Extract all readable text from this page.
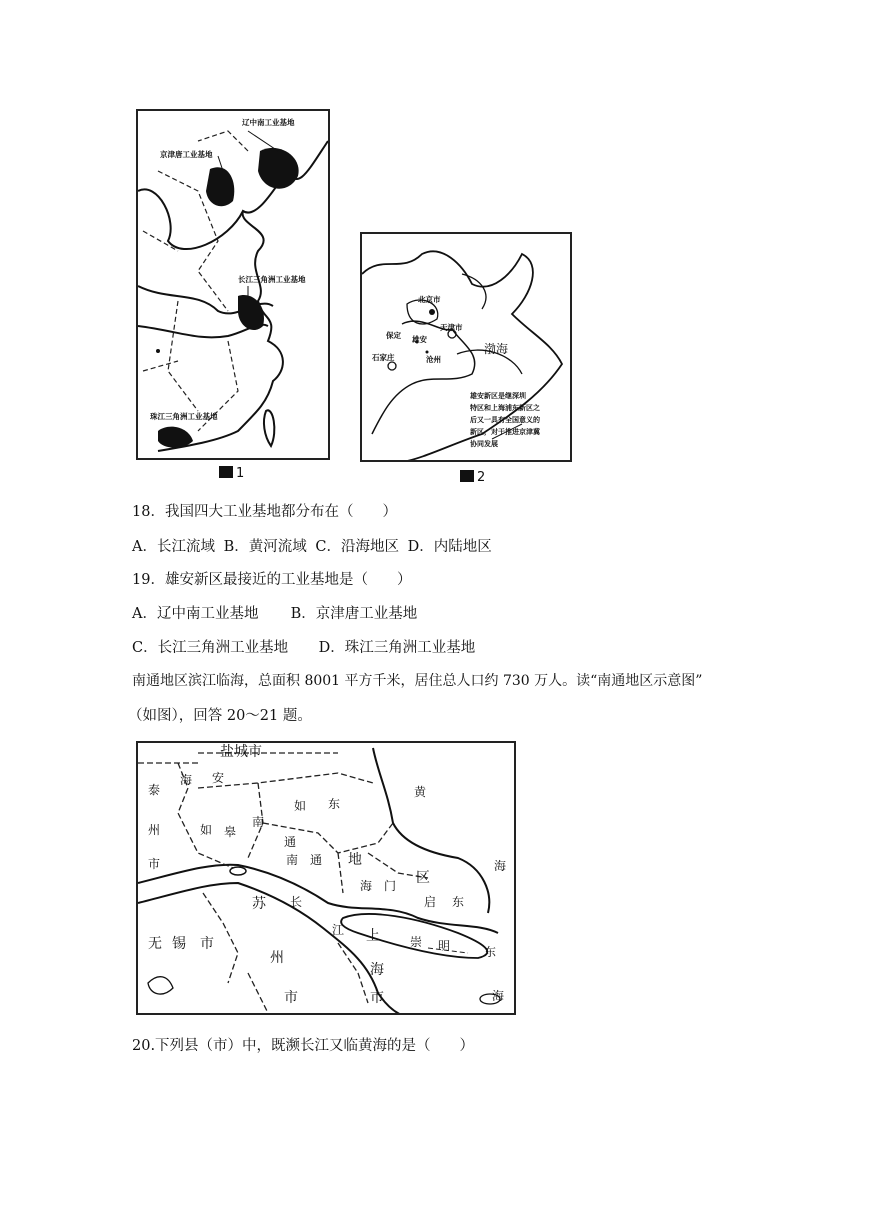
辽中南工业基地
京津唐工业基地
长江三角洲工业基地
珠江三角洲工业基地
1
北京市
天津市
保定 雄安
石家庄	沧州
渤海
雄安新区是继深圳
特区和上海浦东新区之
后又一具有全国意义的
新区，对于推进京津冀
协同发展
2
18．我国四大工业基地都分布在（　　）
A．长江流域 B．黄河流域 C．沿海地区 D．内陆地区
19．雄安新区最接近的工业基地是（　　）
A．辽中南工业基地 B．京津唐工业基地
C．长江三角洲工业基地 D．珠江三角洲工业基地
南通地区滨江临海，总面积 8001 平方千米，居住总人口约 730 万人。读“南通地区示意图”
（如图），回答 20～21 题。
盐城市
泰
州
市
海 安
如 东
如 皋
南
通
黄
南 通 地
区
海
海 门
启 东
苏 长
江 上	崇 明	东
无 锡 市
州
市
海
市	海
20.下列县（市）中，既濒长江又临黄海的是（　　）
